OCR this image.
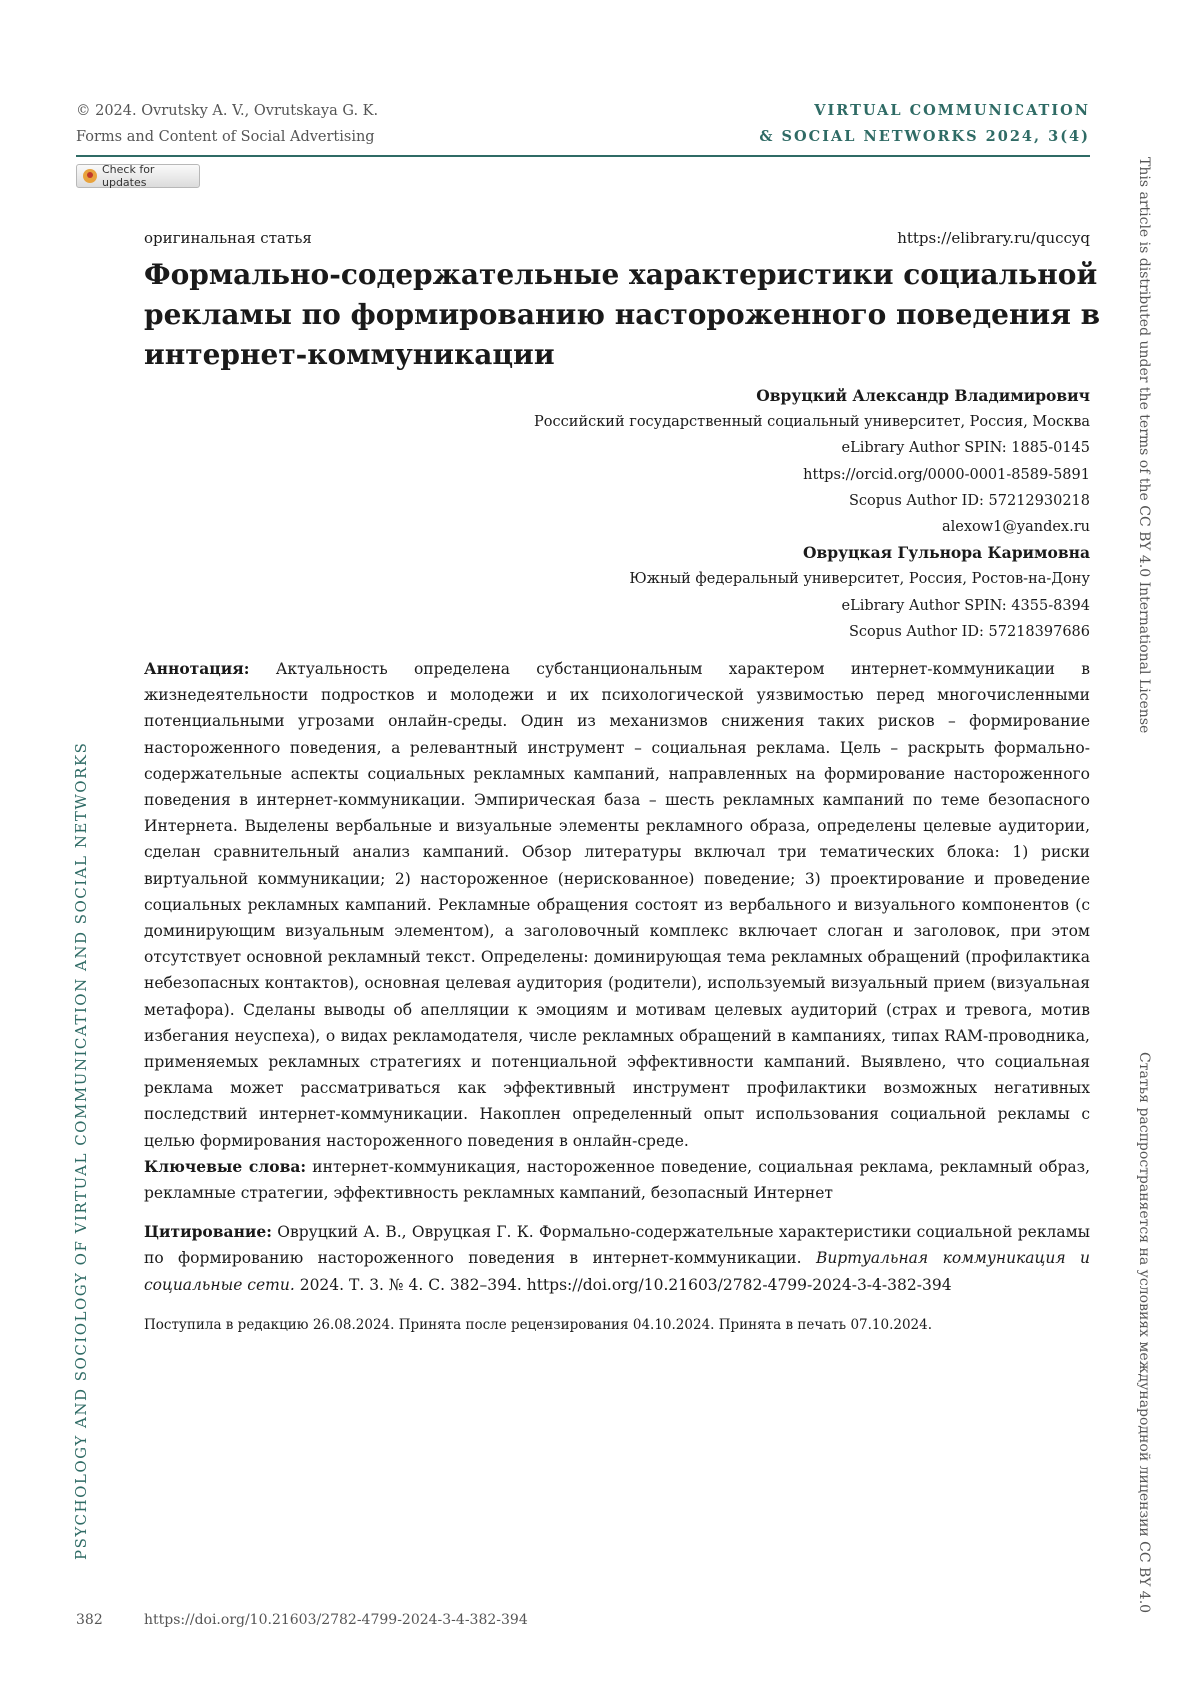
© 2024. Ovrutsky A. V., Ovrutskaya G. K.
Forms and Content of Social Advertising
VIRTUAL COMMUNICATION
& SOCIAL NETWORKS 2024, 3(4)
Check for updates
оригинальная статья	https://elibrary.ru/quccyq
Формально-содержательные характеристики социальной рекламы по формированию настороженного поведения в интернет-коммуникации
Овруцкий Александр Владимирович
Российский государственный социальный университет, Россия, Москва
eLibrary Author SPIN: 1885-0145
https://orcid.org/0000-0001-8589-5891
Scopus Author ID: 57212930218
alexow1@yandex.ru
Овруцкая Гульнора Каримовна
Южный федеральный университет, Россия, Ростов-на-Дону
eLibrary Author SPIN: 4355-8394
Scopus Author ID: 57218397686

Аннотация: Актуальность определена субстанциональным характером интернет-коммуникации в жизнедеятельности подростков и молодежи и их психологической уязвимостью перед многочисленными потенциальными угрозами онлайн-среды. Один из механизмов снижения таких рисков – формирование настороженного поведения, а релевантный инструмент – социальная реклама. Цель – раскрыть формально-содержательные аспекты социальных рекламных кампаний, направленных на формирование настороженного поведения в интернет-коммуникации. Эмпирическая база – шесть рекламных кампаний по теме безопасного Интернета. Выделены вербальные и визуальные элементы рекламного образа, определены целевые аудитории, сделан сравнительный анализ кампаний. Обзор литературы включал три тематических блока: 1) риски виртуальной коммуникации; 2) настороженное (нерискованное) поведение; 3) проектирование и проведение социальных рекламных кампаний. Рекламные обращения состоят из вербального и визуального компонентов (с доминирующим визуальным элементом), а заголовочный комплекс включает слоган и заголовок, при этом отсутствует основной рекламный текст. Определены: доминирующая тема рекламных обращений (профилактика небезопасных контактов), основная целевая аудитория (родители), используемый визуальный прием (визуальная метафора). Сделаны выводы об апелляции к эмоциям и мотивам целевых аудиторий (страх и тревога, мотив избегания неуспеха), о видах рекламодателя, числе рекламных обращений в кампаниях, типах RAM-проводника, применяемых рекламных стратегиях и потенциальной эффективности кампаний. Выявлено, что социальная реклама может рассматриваться как эффективный инструмент профилактики возможных негативных последствий интернет-коммуникации. Накоплен определенный опыт использования социальной рекламы с целью формирования настороженного поведения в онлайн-среде.

Ключевые слова: интернет-коммуникация, настороженное поведение, социальная реклама, рекламный образ, рекламные стратегии, эффективность рекламных кампаний, безопасный Интернет

Цитирование: Овруцкий А. В., Овруцкая Г. К. Формально-содержательные характеристики социальной рекламы по формированию настороженного поведения в интернет-коммуникации. Виртуальная коммуникация и социальные сети. 2024. Т. 3. № 4. С. 382–394. https://doi.org/10.21603/2782-4799-2024-3-4-382-394

Поступила в редакцию 26.08.2024. Принята после рецензирования 04.10.2024. Принята в печать 07.10.2024.

PSYCHOLOGY AND SOCIOLOGY OF VIRTUAL COMMUNICATION AND SOCIAL NETWORKS
This article is distributed under the terms of the CC BY 4.0 International License
Статья распространяется на условиях международной лицензии CC BY 4.0
382	https://doi.org/10.21603/2782-4799-2024-3-4-382-394
